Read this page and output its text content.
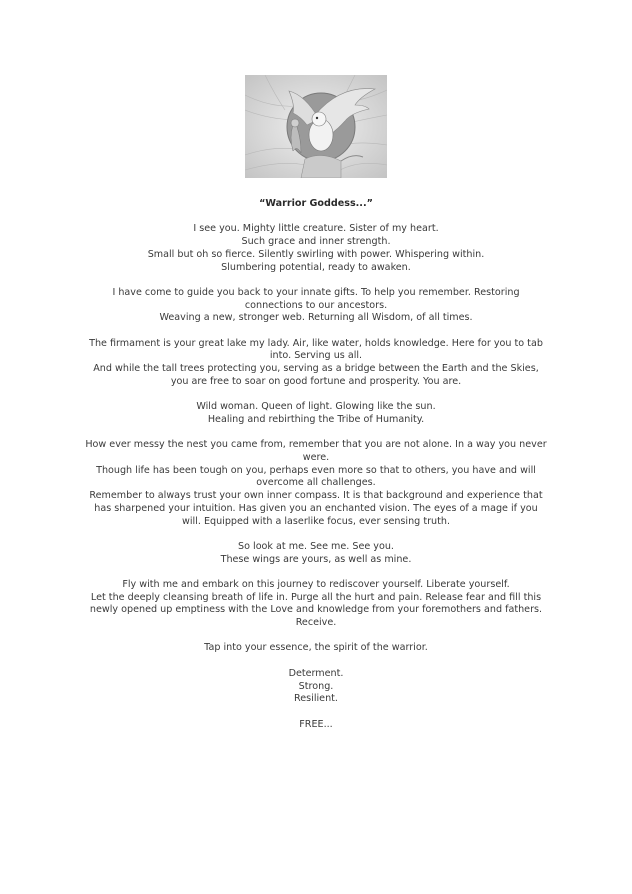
“Warrior Goddess...”
I see you. Mighty little creature. Sister of my heart.
Such grace and inner strength.
Small but oh so fierce. Silently swirling with power. Whispering within.
Slumbering potential, ready to awaken.
I have come to guide you back to your innate gifts. To help you remember. Restoring
connections to our ancestors.
Weaving a new, stronger web. Returning all Wisdom, of all times.
The firmament is your great lake my lady. Air, like water, holds knowledge. Here for you to tab
into. Serving us all.
And while the tall trees protecting you, serving as a bridge between the Earth and the Skies,
you are free to soar on good fortune and prosperity. You are.
Wild woman. Queen of light. Glowing like the sun.
Healing and rebirthing the Tribe of Humanity.
How ever messy the nest you came from, remember that you are not alone. In a way you never
were.
Though life has been tough on you, perhaps even more so that to others, you have and will
overcome all challenges.
Remember to always trust your own inner compass. It is that background and experience that
has sharpened your intuition. Has given you an enchanted vision. The eyes of a mage if you
will. Equipped with a laserlike focus, ever sensing truth.
So look at me. See me. See you.
These wings are yours, as well as mine.
Fly with me and embark on this journey to rediscover yourself. Liberate yourself.
Let the deeply cleansing breath of life in. Purge all the hurt and pain. Release fear and fill this
newly opened up emptiness with the Love and knowledge from your foremothers and fathers.
Receive.
Tap into your essence, the spirit of the warrior.
Determent.
Strong.
Resilient.
FREE...
